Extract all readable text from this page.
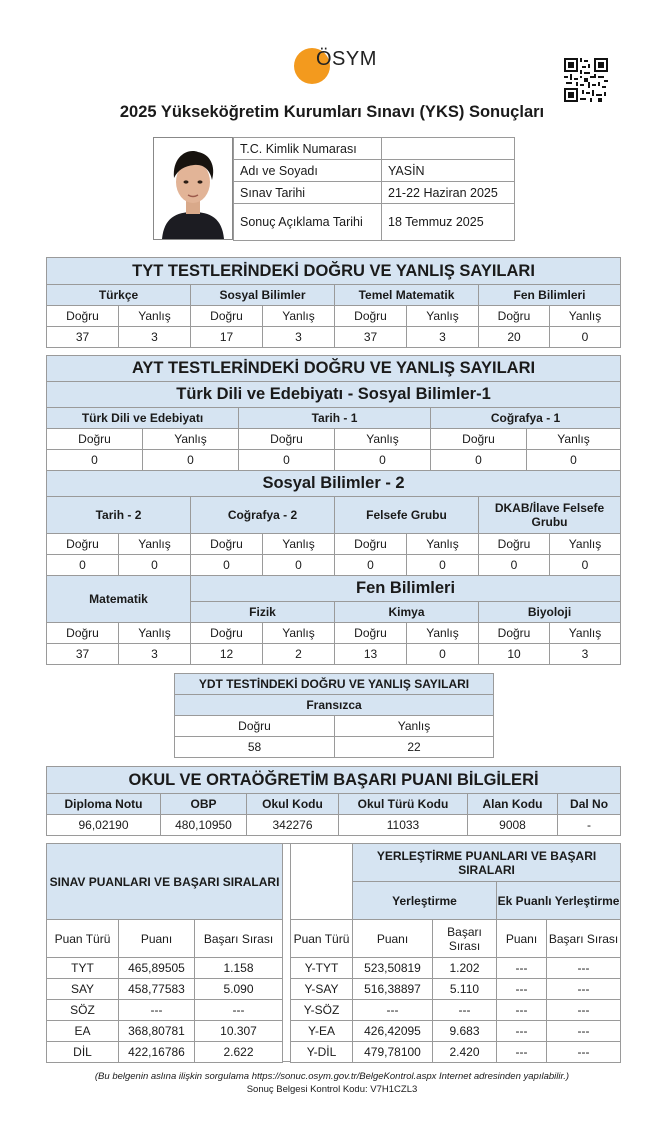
ÖSYM
2025 Yükseköğretim Kurumları Sınavı (YKS) Sonuçları
T.C. Kimlik Numarası	
Adı ve Soyadı	YASİN
Sınav Tarihi	21-22 Haziran 2025
Sonuç Açıklama Tarihi	18 Temmuz 2025
TYT TESTLERİNDEKİ DOĞRU VE YANLIŞ SAYILARI							
Türkçe		Sosyal Bilimler		Temel Matematik		Fen Bilimleri	
Doğru	Yanlış	Doğru	Yanlış	Doğru	Yanlış	Doğru	Yanlış
37	3	17	3	37	3	20	0
AYT TESTLERİNDEKİ DOĞRU VE YANLIŞ SAYILARI											
Türk Dili ve Edebiyatı - Sosyal Bilimler-1											
Türk Dili ve Edebiyatı				Tarih - 1				Coğrafya - 1			
Doğru		Yanlış		Doğru		Yanlış		Doğru		Yanlış	
0		0		0		0		0		0	
Sosyal Bilimler - 2											
Tarih - 2			Coğrafya - 2			Felsefe Grubu			DKAB/İlave Felsefe Grubu		
Doğru	Yanlış		Doğru		Yanlış	Doğru	Yanlış		Doğru		Yanlış
0	0		0		0	0	0		0		0
Matematik			Fen Bilimleri								
			Fizik			Kimya			Biyoloji		
Doğru	Yanlış		Doğru		Yanlış	Doğru	Yanlış		Doğru		Yanlış
37	3		12		2	13	0		10		3
YDT TESTİNDEKİ DOĞRU VE YANLIŞ SAYILARI	
Fransızca	
Doğru	Yanlış
58	22
OKUL VE ORTAÖĞRETİM BAŞARI PUANI BİLGİLERİ					
Diploma Notu	OBP	Okul Kodu	Okul Türü Kodu	Alan Kodu	Dal No
96,02190	480,10950	342276	11033	9008	-
SINAV PUANLARI VE BAŞARI SIRALARI		
Puan Türü	Puanı	Başarı Sırası
TYT	465,89505	1.158
SAY	458,77583	5.090
SÖZ	---	---
EA	368,80781	10.307
DİL	422,16786	2.622
	YERLEŞTİRME PUANLARI VE BAŞARI SIRALARI			
	Yerleştirme		Ek Puanlı Yerleştirme	
Puan Türü	Puanı	Başarı Sırası	Puanı	Başarı Sırası
Y-TYT	523,50819	1.202	---	---
Y-SAY	516,38897	5.110	---	---
Y-SÖZ	---	---	---	---
Y-EA	426,42095	9.683	---	---
Y-DİL	479,78100	2.420	---	---
(Bu belgenin aslına ilişkin sorgulama https://sonuc.osym.gov.tr/BelgeKontrol.aspx Internet adresinden yapılabilir.)
Sonuç Belgesi Kontrol Kodu: V7H1CZL3
